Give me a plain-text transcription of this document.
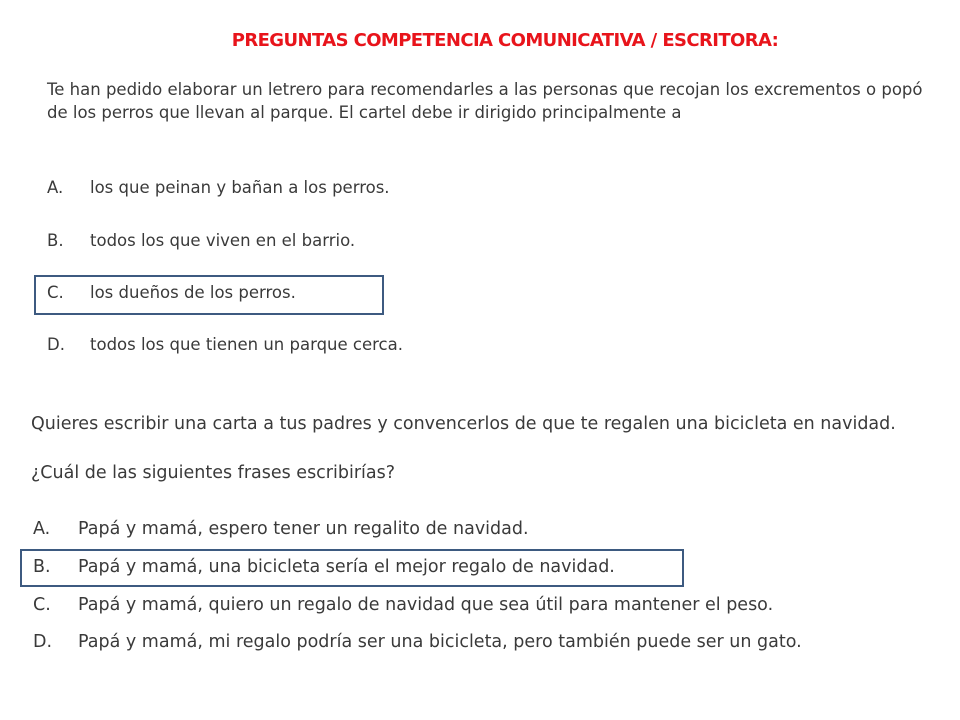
PREGUNTAS COMPETENCIA COMUNICATIVA / ESCRITORA:

Te han pedido elaborar un letrero para recomendarles a las personas que recojan los excrementos o popó de los perros que llevan al parque. El cartel debe ir dirigido principalmente a

A. los que peinan y bañan a los perros.
B. todos los que viven en el barrio.
C. los dueños de los perros.
D. todos los que tienen un parque cerca.

Quieres escribir una carta a tus padres y convencerlos de que te regalen una bicicleta en navidad.

¿Cuál de las siguientes frases escribirías?

A. Papá y mamá, espero tener un regalito de navidad.
B. Papá y mamá, una bicicleta sería el mejor regalo de navidad.
C. Papá y mamá, quiero un regalo de navidad que sea útil para mantener el peso.
D. Papá y mamá, mi regalo podría ser una bicicleta, pero también puede ser un gato.
